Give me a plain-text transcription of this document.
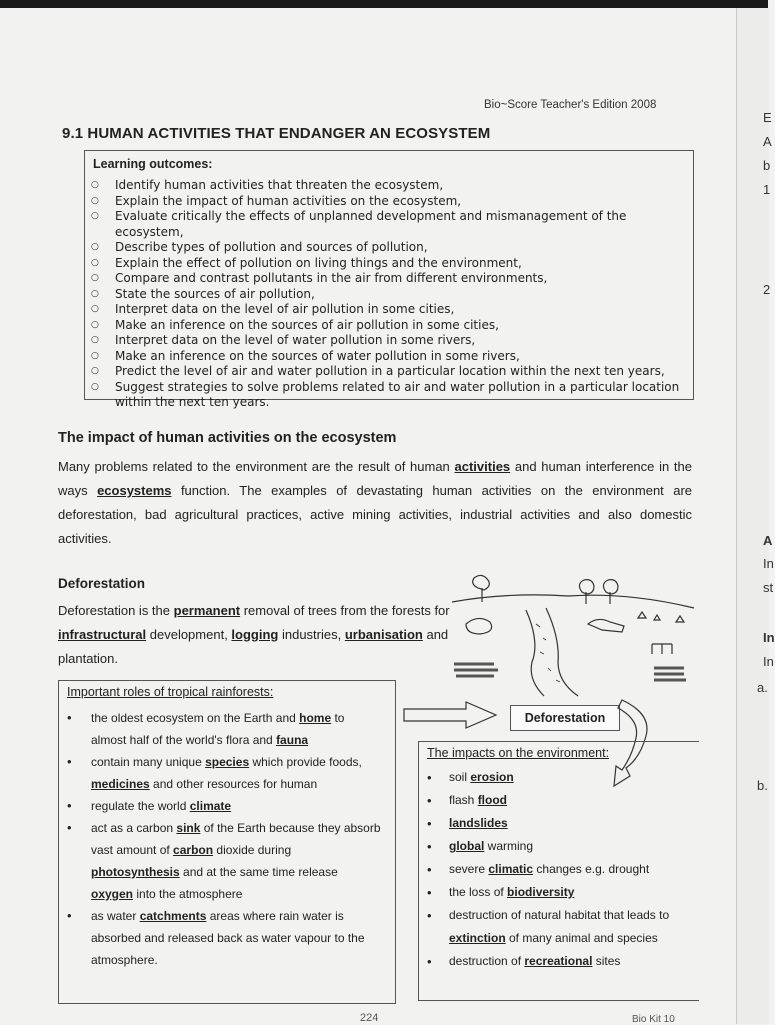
E
A
b
1
2
A
In
st
In
In
a.
b.
Bio~Score Teacher's Edition 2008
9.1 HUMAN ACTIVITIES THAT ENDANGER AN ECOSYSTEM
Learning outcomes:
○ Identify human activities that threaten the ecosystem,
○ Explain the impact of human activities on the ecosystem,
○ Evaluate critically the effects of unplanned development and mismanagement of the ecosystem,
○ Describe types of pollution and sources of pollution,
○ Explain the effect of pollution on living things and the environment,
○ Compare and contrast pollutants in the air from different environments,
○ State the sources of air pollution,
○ Interpret data on the level of air pollution in some cities,
○ Make an inference on the sources of air pollution in some cities,
○ Interpret data on the level of water pollution in some rivers,
○ Make an inference on the sources of water pollution in some rivers,
○ Predict the level of air and water pollution in a particular location within the next ten years,
○ Suggest strategies to solve problems related to air and water pollution in a particular location within the next ten years.
The impact of human activities on the ecosystem
Many problems related to the environment are the result of human activities and human interference in the ways ecosystems function. The examples of devastating human activities on the environment are deforestation, bad agricultural practices, active mining activities, industrial activities and also domestic activities.
Deforestation
Deforestation is the permanent removal of trees from the forests for infrastructural development, logging industries, urbanisation and plantation.
Important roles of tropical rainforests:
• the oldest ecosystem on the Earth and home to almost half of the world's flora and fauna
• contain many unique species which provide foods, medicines and other resources for human
• regulate the world climate
• act as a carbon sink of the Earth because they absorb vast amount of carbon dioxide during photosynthesis and at the same time release oxygen into the atmosphere
• as water catchments areas where rain water is absorbed and released back as water vapour to the atmosphere.
Deforestation
The impacts on the environment:
• soil erosion
• flash flood
• landslides
• global warming
• severe climatic changes e.g. drought
• the loss of biodiversity
• destruction of natural habitat that leads to extinction of many animal and species
• destruction of recreational sites
224	Bio Kit 10
